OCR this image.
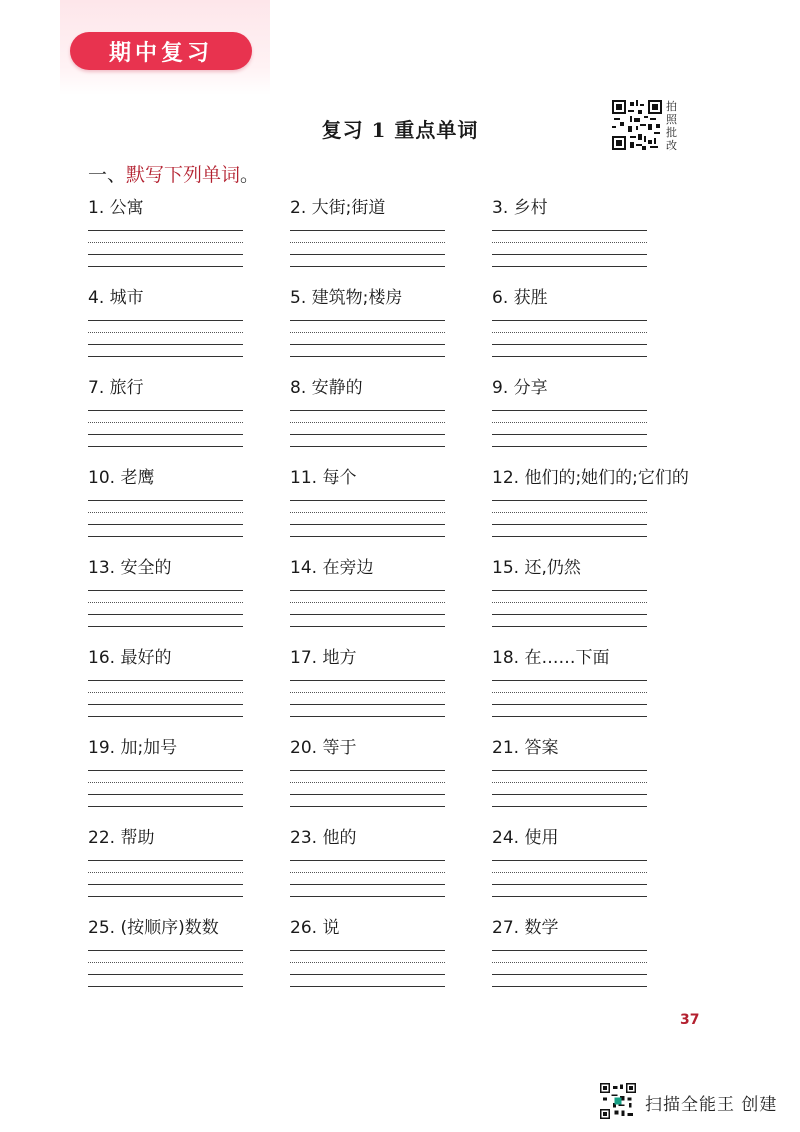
期中复习
复习 1 重点单词
拍照批改
一、默写下列单词。
1. 公寓	2. 大街;街道	3. 乡村
4. 城市	5. 建筑物;楼房	6. 获胜
7. 旅行	8. 安静的	9. 分享
10. 老鹰	11. 每个	12. 他们的;她们的;它们的
13. 安全的	14. 在旁边	15. 还,仍然
16. 最好的	17. 地方	18. 在……下面
19. 加;加号	20. 等于	21. 答案
22. 帮助	23. 他的	24. 使用
25. (按顺序)数数	26. 说	27. 数学
37
扫描全能王 创建
